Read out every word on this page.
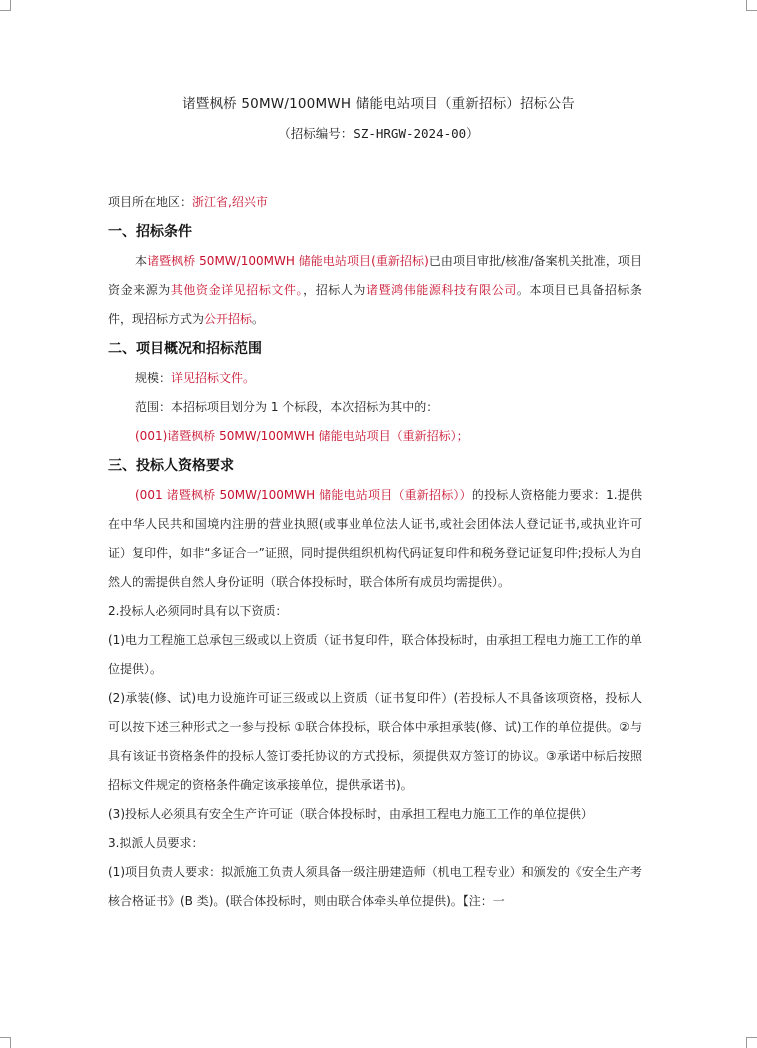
诸暨枫桥 50MW/100MWH 储能电站项目（重新招标）招标公告
（招标编号：SZ-HRGW-2024-00）

项目所在地区：浙江省,绍兴市

一、招标条件

本诸暨枫桥 50MW/100MWH 储能电站项目(重新招标)已由项目审批/核准/备案机关批准，项目资金来源为其他资金详见招标文件。，招标人为诸暨鸿伟能源科技有限公司。本项目已具备招标条件，现招标方式为公开招标。

二、项目概况和招标范围

规模：详见招标文件。

范围：本招标项目划分为 1 个标段，本次招标为其中的：

(001)诸暨枫桥 50MW/100MWH 储能电站项目（重新招标）；

三、投标人资格要求

(001 诸暨枫桥 50MW/100MWH 储能电站项目（重新招标））的投标人资格能力要求：1.提供在中华人民共和国境内注册的营业执照(或事业单位法人证书,或社会团体法人登记证书,或执业许可证）复印件，如非“多证合一”证照，同时提供组织机构代码证复印件和税务登记证复印件;投标人为自然人的需提供自然人身份证明（联合体投标时，联合体所有成员均需提供）。

2.投标人必须同时具有以下资质：

(1)电力工程施工总承包三级或以上资质（证书复印件，联合体投标时，由承担工程电力施工工作的单位提供）。

(2)承装(修、试)电力设施许可证三级或以上资质（证书复印件）(若投标人不具备该项资格，投标人可以按下述三种形式之一参与投标 ①联合体投标，联合体中承担承装(修、试)工作的单位提供。②与具有该证书资格条件的投标人签订委托协议的方式投标，须提供双方签订的协议。③承诺中标后按照招标文件规定的资格条件确定该承接单位，提供承诺书)。

(3)投标人必须具有安全生产许可证（联合体投标时，由承担工程电力施工工作的单位提供）

3.拟派人员要求：

(1)项目负责人要求：拟派施工负责人须具备一级注册建造师（机电工程专业）和颁发的《安全生产考核合格证书》(B 类)。(联合体投标时，则由联合体牵头单位提供)。【注：一
